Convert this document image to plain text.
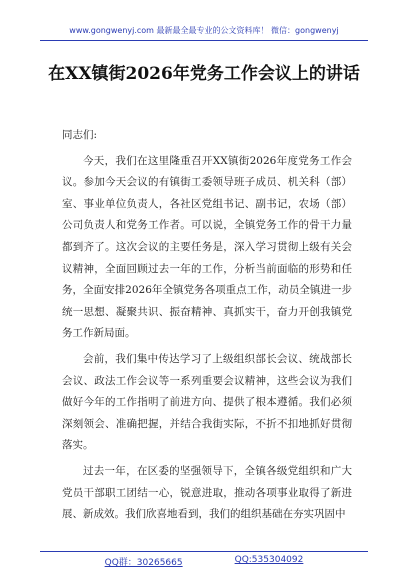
www.gongwenyj.com 最新最全最专业的公文资料库！ 微信：gongwenyj
在XX镇街2026年党务工作会议上的讲话

同志们:

今天，我们在这里隆重召开XX镇街2026年度党务工作会议。参加今天会议的有镇街工委领导班子成员、机关科（部）室、事业单位负责人，各社区党组书记、副书记，农场（部）公司负责人和党务工作者。可以说，全镇党务工作的骨干力量都到齐了。这次会议的主要任务是，深入学习贯彻上级有关会议精神，全面回顾过去一年的工作，分析当前面临的形势和任务，全面安排2026年全镇党务各项重点工作，动员全镇进一步统一思想、凝聚共识、振奋精神、真抓实干，奋力开创我镇党务工作新局面。

会前，我们集中传达学习了上级组织部长会议、统战部长会议、政法工作会议等一系列重要会议精神，这些会议为我们做好今年的工作指明了前进方向、提供了根本遵循。我们必须深刻领会、准确把握，并结合我街实际，不折不扣地抓好贯彻落实。

过去一年，在区委的坚强领导下，全镇各级党组织和广大党员干部职工团结一心，锐意进取，推动各项事业取得了新进展、新成效。我们欣喜地看到，我们的组织基础在夯实巩固中

QQ群：30265665	QQ:535304092
